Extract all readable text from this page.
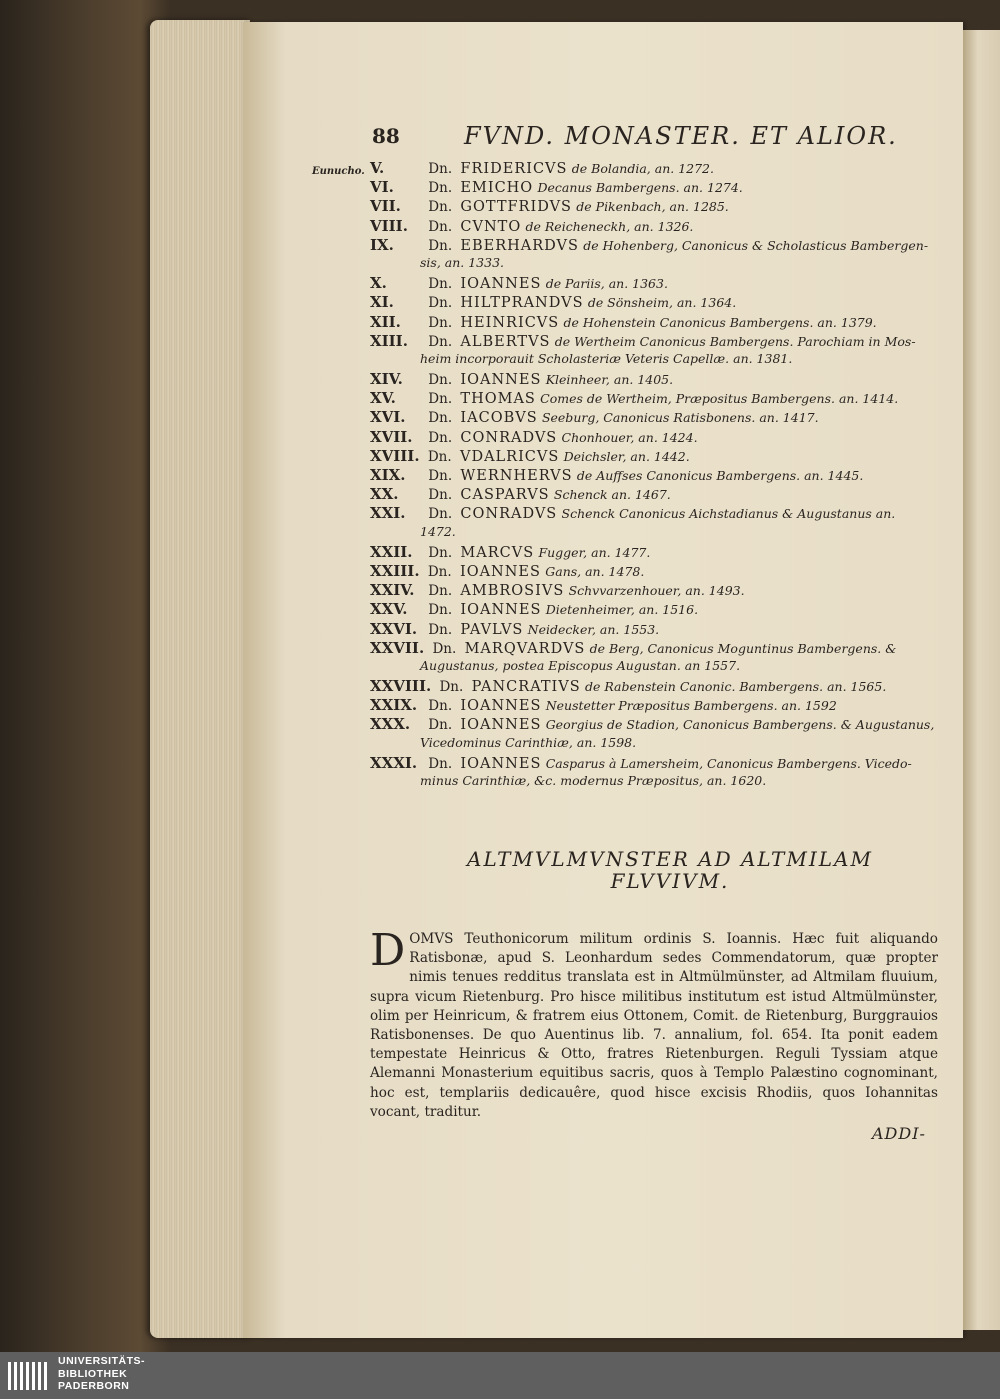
88	FVND. MONASTER. ET ALIOR.
Eunucho. V.	Dn. FRIDERICVS de Bolandia, an. 1272.
VI.	Dn. EMICHO Decanus Bambergens. an. 1274.
VII. Dn. GOTTFRIDVS de Pikenbach, an. 1285.
VIII. Dn. CVNTO de Reicheneckh, an. 1326.
IX.	Dn. EBERHARDVS de Hohenberg, Canonicus & Scholasticus Bambergen-
sis, an. 1333.
X.	Dn. IOANNES de Pariis, an. 1363.
XI.	Dn. HILTPRANDVS de Sönsheim, an. 1364.
XII. Dn. HEINRICVS de Hohenstein Canonicus Bambergens. an. 1379.
XIII. Dn. ALBERTVS de Wertheim Canonicus Bambergens. Parochiam in Mos-
heim incorporauit Scholasteriæ Veteris Capellæ. an. 1381.
XIV. Dn. IOANNES Kleinheer, an. 1405.
XV. Dn. THOMAS Comes de Wertheim, Præpositus Bambergens. an. 1414.
XVI. Dn. IACOBVS Seeburg, Canonicus Ratisbonens. an. 1417.
XVII. Dn. CONRADVS Chonhouer, an. 1424.
XVIII. Dn. VDALRICVS Deichsler, an. 1442.
XIX. Dn. WERNHERVS de Auffses Canonicus Bambergens. an. 1445.
XX. Dn. CASPARVS Schenck an. 1467.
XXI. Dn. CONRADVS Schenck Canonicus Aichstadianus & Augustanus an.
1472.
XXII. Dn. MARCVS Fugger, an. 1477.
XXIII. Dn. IOANNES Gans, an. 1478.
XXIV. Dn. AMBROSIVS Schvvarzenhouer, an. 1493.
XXV. Dn. IOANNES Dietenheimer, an. 1516.
XXVI. Dn. PAVLVS Neidecker, an. 1553.
XXVII. Dn. MARQVARDVS de Berg, Canonicus Moguntinus Bambergens. &
Augustanus, postea Episcopus Augustan. an 1557.
XXVIII. Dn. PANCRATIVS de Rabenstein Canonic. Bambergens. an. 1565.
XXIX. Dn. IOANNES Neustetter Præpositus Bambergens. an. 1592
XXX. Dn. IOANNES Georgius de Stadion, Canonicus Bambergens. & Augustanus,
Vicedominus Carinthiæ, an. 1598.
XXXI. Dn. IOANNES Casparus à Lamersheim, Canonicus Bambergens. Vicedo-
minus Carinthiæ, &c. modernus Præpositus, an. 1620.
ALTMVLMVNSTER AD ALTMILAM
FLVVIVM.
DOMVS Teuthonicorum militum ordinis S. Ioannis. Hæc fuit aliquando Ratisbonæ, apud S. Leonhardum sedes Commendatorum, quæ propter nimis tenues redditus translata est in Altmülmünster, ad Altmilam fluuium, supra vicum Rietenburg. Pro hisce militibus institutum est istud Altmülmünster, olim per Heinricum, & fratrem eius Ottonem, Comit. de Rietenburg, Burggrauios Ratisbonenses. De quo Auentinus lib. 7. annalium, fol. 654. Ita ponit eadem tempestate Heinricus & Otto, fratres Rietenburgen. Reguli Tyssiam atque Alemanni Monasterium equitibus sacris, quos à Templo Palæstino cognominant, hoc est, templariis dedicauêre, quod hisce excisis Rhodiis, quos Iohannitas vocant, traditur.
ADDI-
UNIVERSITÄTS-
BIBLIOTHEK
PADERBORN
